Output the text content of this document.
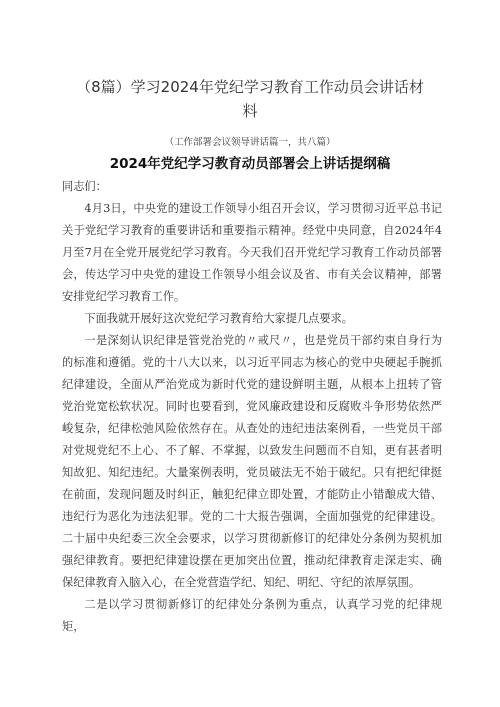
（8篇）学习2024年党纪学习教育工作动员会讲话材
料

（工作部署会议领导讲话篇一，共八篇）

2024年党纪学习教育动员部署会上讲话提纲稿

同志们：

4月3日，中央党的建设工作领导小组召开会议，学习贯彻习近平总书记关于党纪学习教育的重要讲话和重要指示精神。经党中央同意，自2024年4月至7月在全党开展党纪学习教育。今天我们召开党纪学习教育工作动员部署会，传达学习中央党的建设工作领导小组会议及省、市有关会议精神，部署安排党纪学习教育工作。

下面我就开展好这次党纪学习教育给大家提几点要求。

一是深刻认识纪律是管党治党的〃戒尺〃，也是党员干部约束自身行为的标准和遵循。党的十八大以来，以习近平同志为核心的党中央硬起手腕抓纪律建设，全面从严治党成为新时代党的建设鲜明主题，从根本上扭转了管党治党宽松软状况。同时也要看到，党风廉政建设和反腐败斗争形势依然严峻复杂，纪律松弛风险依然存在。从查处的违纪违法案例看，一些党员干部对党规党纪不上心、不了解、不掌握，以致发生问题而不自知，更有甚者明知故犯、知纪违纪。大量案例表明，党员破法无不始于破纪。只有把纪律挺在前面，发现问题及时纠正，触犯纪律立即处置，才能防止小错酿成大错、违纪行为恶化为违法犯罪。党的二十大报告强调，全面加强党的纪律建设。二十届中央纪委三次全会要求，以学习贯彻新修订的纪律处分条例为契机加强纪律教育。要把纪律建设摆在更加突出位置，推动纪律教育走深走实、确保纪律教育入脑入心，在全党营造学纪、知纪、明纪、守纪的浓厚氛围。

二是以学习贯彻新修订的纪律处分条例为重点，认真学习党的纪律规矩，
